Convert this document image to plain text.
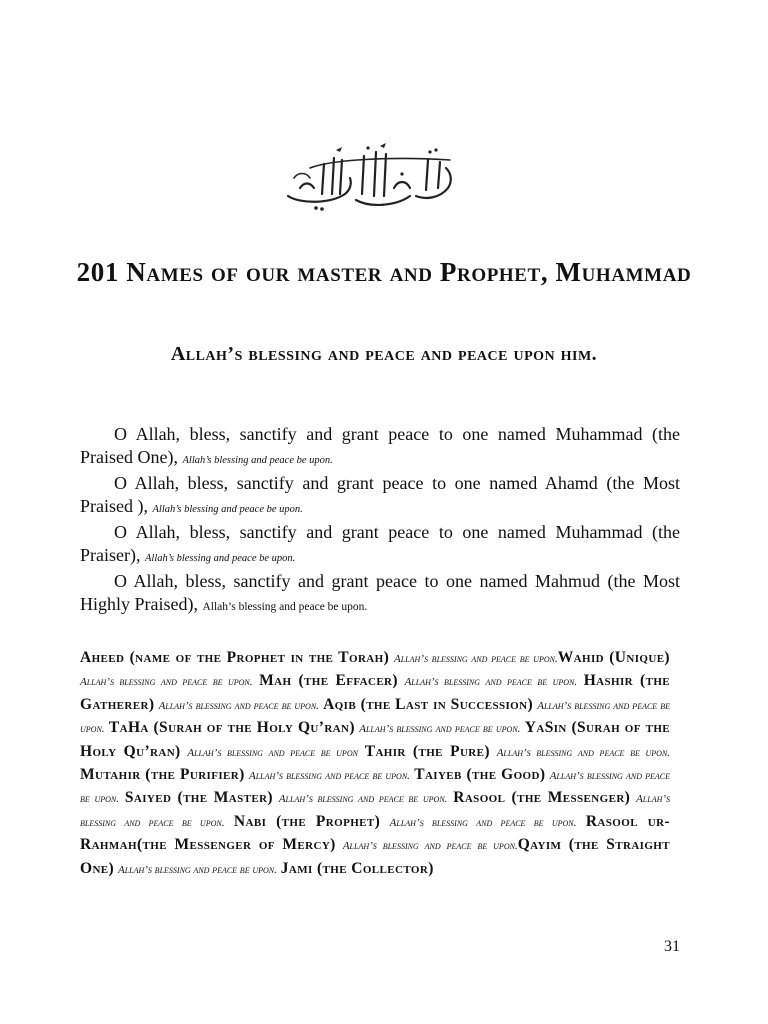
201 Names of our master and Prophet, Muhammad
Allah’s blessing and peace and peace upon him.

O Allah, bless, sanctify and grant peace to one named Muhammad (the Praised One), Allah’s blessing and peace be upon.

O Allah, bless, sanctify and grant peace to one named Ahamd (the Most Praised ), Allah’s blessing and peace be upon.

O Allah, bless, sanctify and grant peace to one named Muhammad (the Praiser), Allah’s blessing and peace be upon.

O Allah, bless, sanctify and grant peace to one named Mahmud (the Most Highly Praised), Allah’s blessing and peace be upon.

Aheed (name of the Prophet in the Torah) Allah’s blessing and peace be upon.Wahid (Unique) Allah’s blessing and peace be upon. Mah (the Effacer) Allah’s blessing and peace be upon. Hashir (the Gatherer) Allah’s blessing and peace be upon. Aqib (the Last in Succession) Allah’s blessing and peace be upon. TaHa (Surah of the Holy Qu’ran) Allah’s blessing and peace be upon. YaSin (Surah of the Holy Qu’ran) Allah’s blessing and peace be upon Tahir (the Pure) Allah’s blessing and peace be upon. Mutahir (the Purifier) Allah’s blessing and peace be upon. Taiyeb (the Good) Allah’s blessing and peace be upon. Saiyed (the Master) Allah’s blessing and peace be upon. Rasool (the Messenger) Allah’s blessing and peace be upon. Nabi (the Prophet) Allah’s blessing and peace be upon. Rasool ur-Rahmah(the Messenger of Mercy) Allah’s blessing and peace be upon.Qayim (the Straight One) Allah’s blessing and peace be upon. Jami (the Collector)
31
